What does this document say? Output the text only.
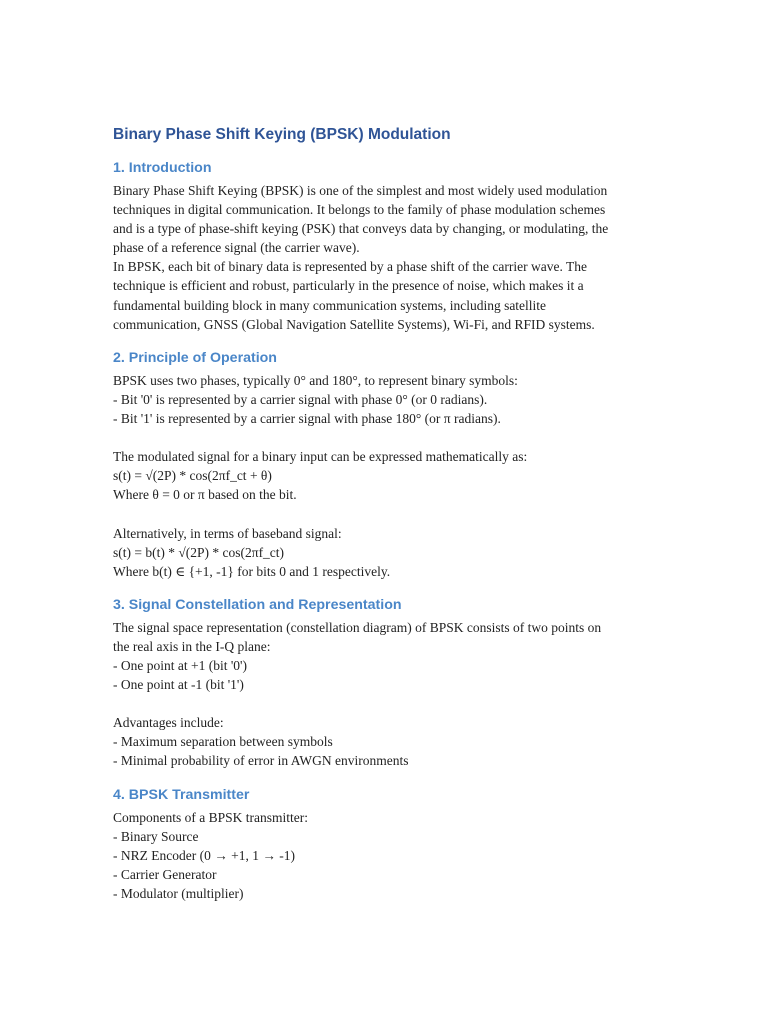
Binary Phase Shift Keying (BPSK) Modulation
1. Introduction
Binary Phase Shift Keying (BPSK) is one of the simplest and most widely used modulation
techniques in digital communication. It belongs to the family of phase modulation schemes
and is a type of phase-shift keying (PSK) that conveys data by changing, or modulating, the
phase of a reference signal (the carrier wave).
In BPSK, each bit of binary data is represented by a phase shift of the carrier wave. The
technique is efficient and robust, particularly in the presence of noise, which makes it a
fundamental building block in many communication systems, including satellite
communication, GNSS (Global Navigation Satellite Systems), Wi-Fi, and RFID systems.
2. Principle of Operation
BPSK uses two phases, typically 0° and 180°, to represent binary symbols:
- Bit '0' is represented by a carrier signal with phase 0° (or 0 radians).
- Bit '1' is represented by a carrier signal with phase 180° (or π radians).
The modulated signal for a binary input can be expressed mathematically as:
s(t) = √(2P) * cos(2πf_ct + θ)
Where θ = 0 or π based on the bit.
Alternatively, in terms of baseband signal:
s(t) = b(t) * √(2P) * cos(2πf_ct)
Where b(t) ∈ {+1, -1} for bits 0 and 1 respectively.
3. Signal Constellation and Representation
The signal space representation (constellation diagram) of BPSK consists of two points on
the real axis in the I-Q plane:
- One point at +1 (bit '0')
- One point at -1 (bit '1')
Advantages include:
- Maximum separation between symbols
- Minimal probability of error in AWGN environments
4. BPSK Transmitter
Components of a BPSK transmitter:
- Binary Source
- NRZ Encoder (0 → +1, 1 → -1)
- Carrier Generator
- Modulator (multiplier)
